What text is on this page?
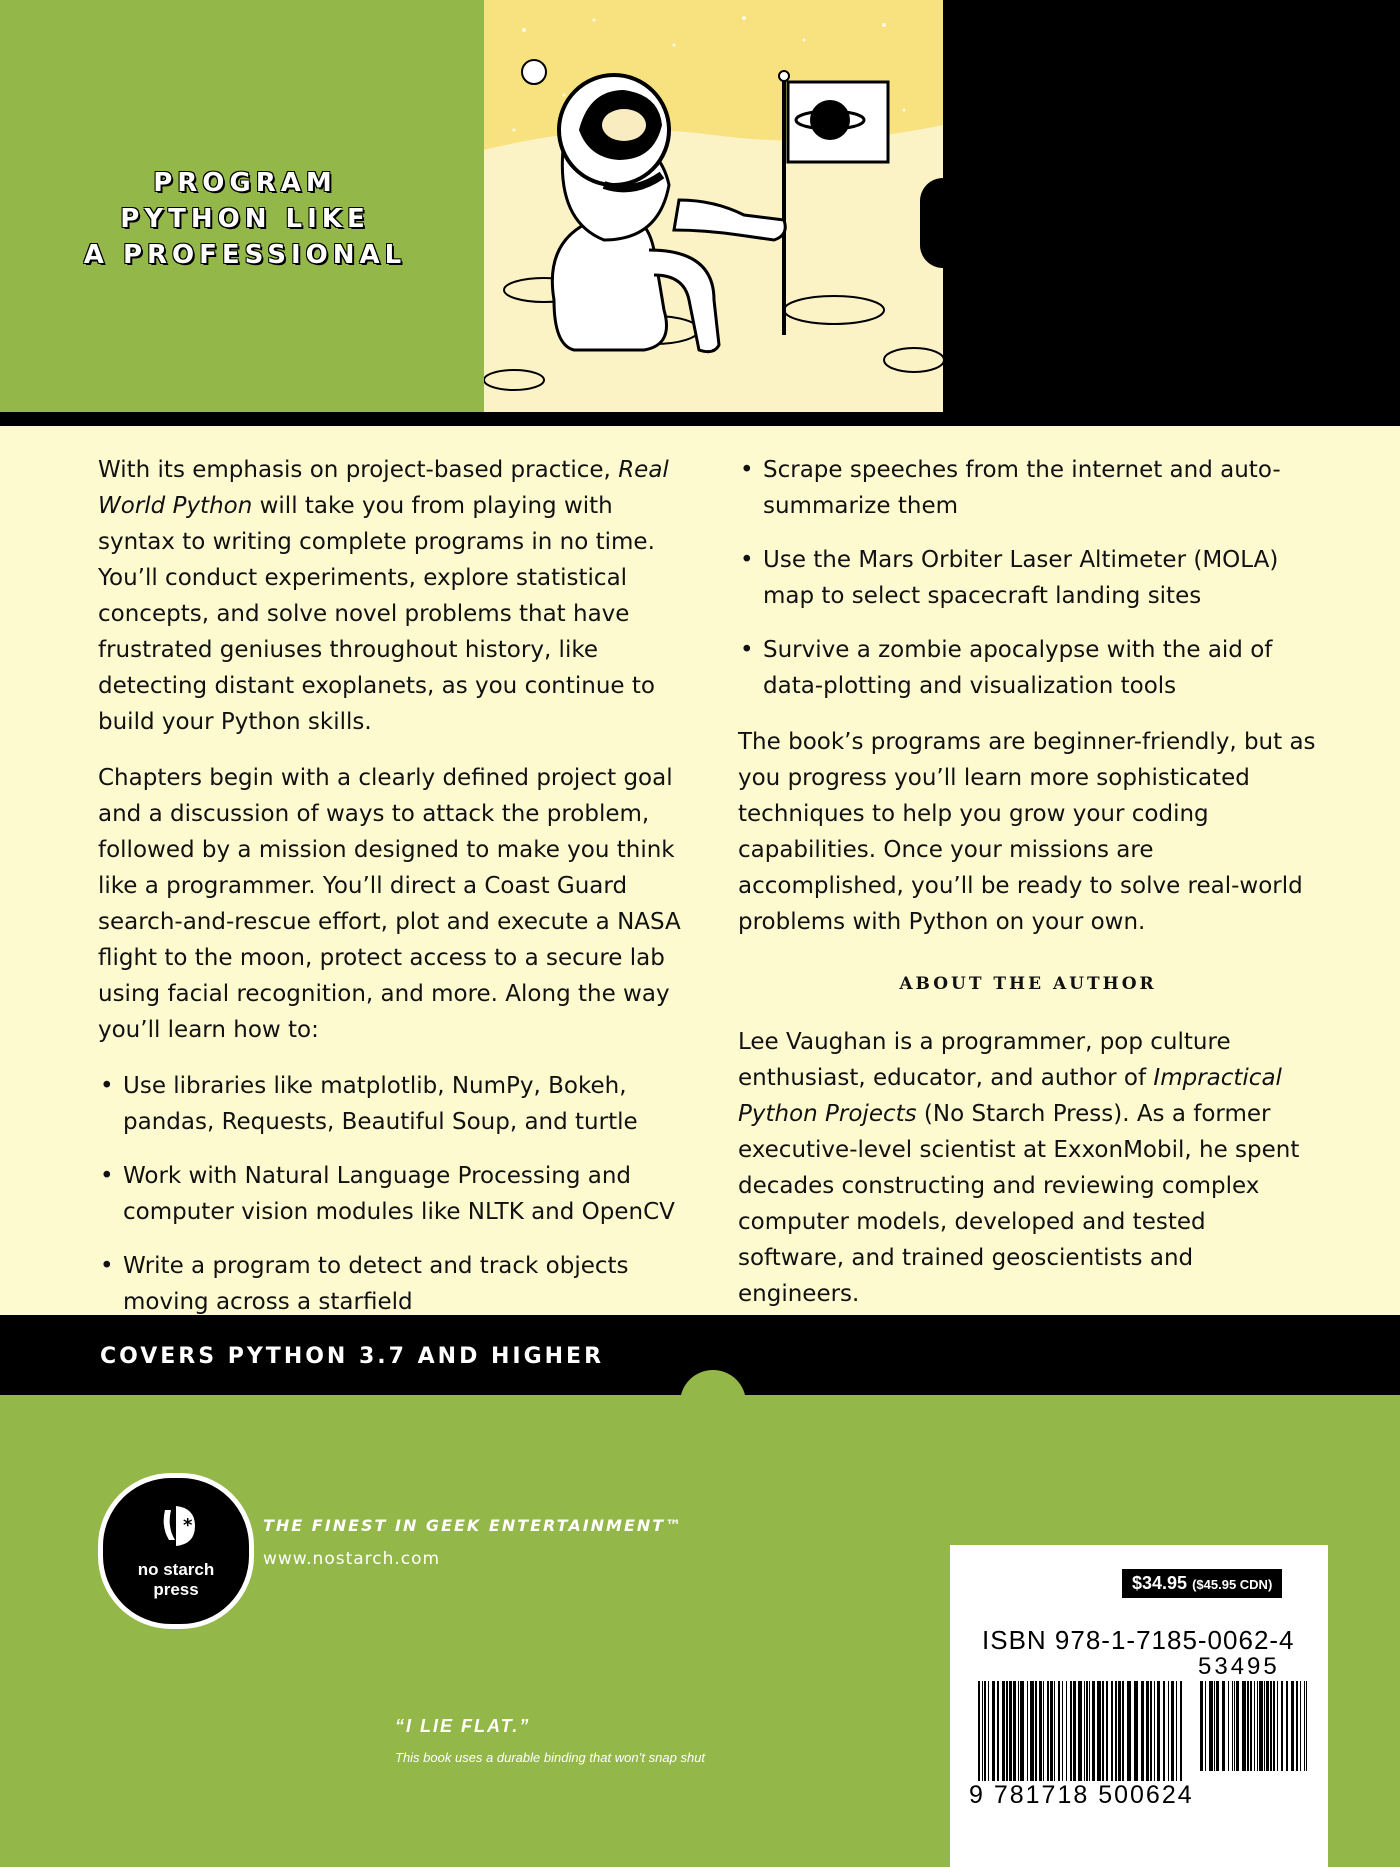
PROGRAM
PYTHON LIKE
A PROFESSIONAL

With its emphasis on project-based practice, Real World Python will take you from playing with syntax to writing complete programs in no time. You’ll conduct experiments, explore statistical concepts, and solve novel problems that have frustrated geniuses throughout history, like detecting distant exoplanets, as you continue to build your Python skills.

Chapters begin with a clearly defined project goal and a discussion of ways to attack the problem, followed by a mission designed to make you think like a programmer. You’ll direct a Coast Guard search-and-rescue effort, plot and execute a NASA flight to the moon, protect access to a secure lab using facial recognition, and more. Along the way you’ll learn how to:

• Use libraries like matplotlib, NumPy, Bokeh, pandas, Requests, Beautiful Soup, and turtle
• Work with Natural Language Processing and computer vision modules like NLTK and OpenCV
• Write a program to detect and track objects moving across a starfield
• Scrape speeches from the internet and auto-summarize them
• Use the Mars Orbiter Laser Altimeter (MOLA) map to select spacecraft landing sites
• Survive a zombie apocalypse with the aid of data-plotting and visualization tools

The book’s programs are beginner-friendly, but as you progress you’ll learn more sophisticated techniques to help you grow your coding capabilities. Once your missions are accomplished, you’ll be ready to solve real-world problems with Python on your own.

ABOUT THE AUTHOR

Lee Vaughan is a programmer, pop culture enthusiast, educator, and author of Impractical Python Projects (No Starch Press). As a former executive-level scientist at ExxonMobil, he spent decades constructing and reviewing complex computer models, developed and tested software, and trained geoscientists and engineers.

COVERS PYTHON 3.7 AND HIGHER
*
no starch
press
THE FINEST IN GEEK ENTERTAINMENT™
www.nostarch.com
“I LIE FLAT.”
This book uses a durable binding that won’t snap shut
$34.95 ($45.95 CDN)
ISBN 978-1-7185-0062-4
53495
9 781718 500624
